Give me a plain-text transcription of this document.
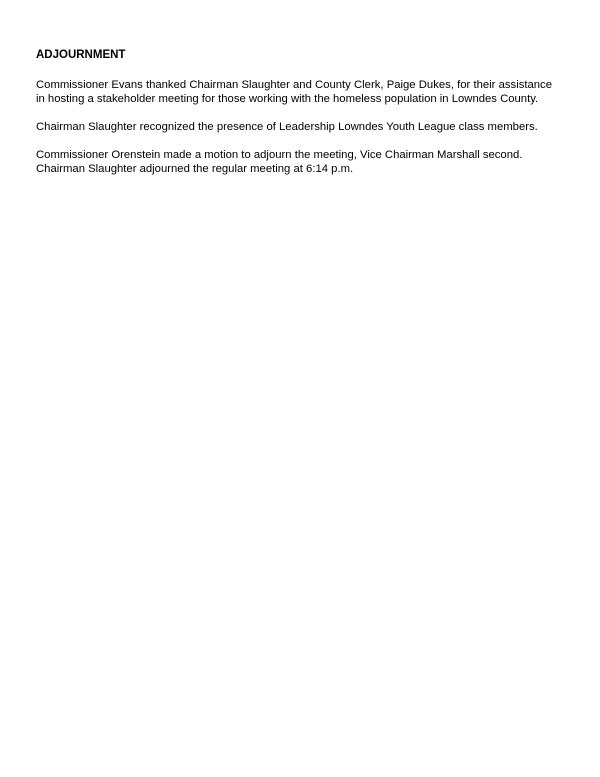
ADJOURNMENT

Commissioner Evans thanked Chairman Slaughter and County Clerk, Paige Dukes, for their assistance in hosting a stakeholder meeting for those working with the homeless population in Lowndes County.

Chairman Slaughter recognized the presence of Leadership Lowndes Youth League class members.

Commissioner Orenstein made a motion to adjourn the meeting, Vice Chairman Marshall second.
Chairman Slaughter adjourned the regular meeting at 6:14 p.m.
